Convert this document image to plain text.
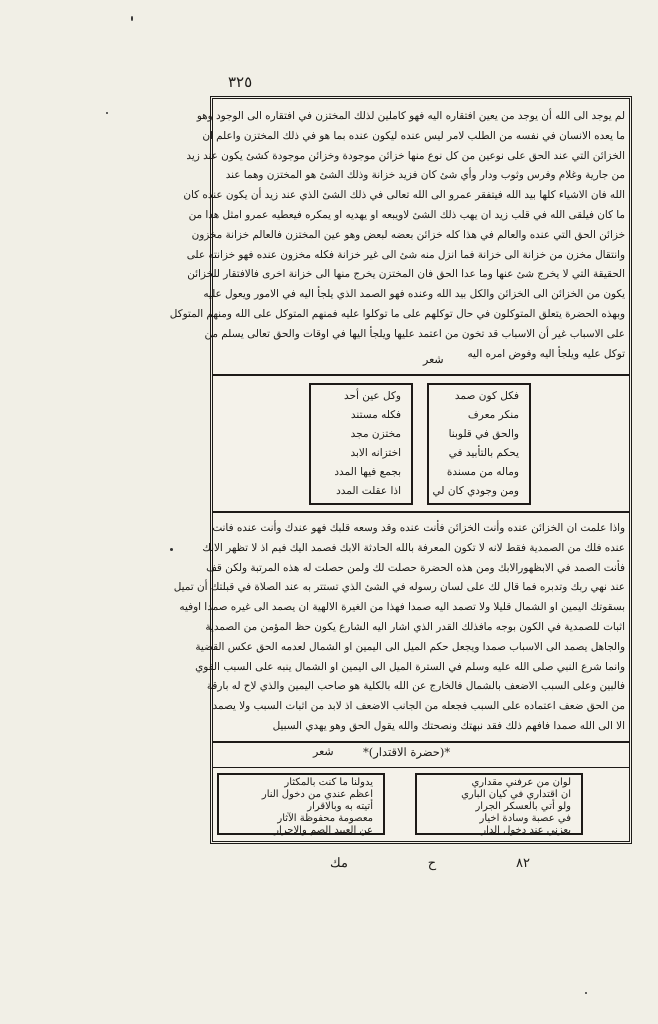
٣٢٥
لم يوجد الى الله أن يوجد من يعين افتقاره اليه فهو كاملين لذلك المختزن في افتقاره الى الوجود وهو
ما يعده الانسان في نفسه من الطلب لامر ليس عنده ليكون عنده بما هو في ذلك المختزن واعلم ان
الخزائن التي عند الحق على نوعين من كل نوع منها خزائن موجودة وخزائن موجودة كشئ يكون عند زيد
من جارية وغلام وفرس وثوب ودار وأي شئ كان فزيد خزانة وذلك الشئ هو المختزن وهما عند
الله فان الاشياء كلها بيد الله فيتفقر عمرو الى الله تعالى في ذلك الشئ الذي عند زيد أن يكون عنده كان
ما كان فيلقى الله في قلب زيد ان يهب ذلك الشئ لاويبعه او يهديه او يمكره فيعطيه عمرو امثل هذا من
خزائن الحق التي عنده والعالم في هذا كله خزائن بعضه لبعض وهو عين المختزن فالعالم خزانة مخزون
وانتقال مخزن من خزانة الى خزانة فما انزل منه شئ الى غير خزانة فكله مخزون عنده فهو خزانته على
الحقيقة التي لا يخرج شئ عنها وما عدا الحق فان المختزن يخرج منها الى خزانة اخرى فالافتقار للخزائن
يكون من الخزائن الى الخزائن والكل بيد الله وعنده فهو الصمد الذي يلجأ اليه في الامور ويعول عليه
وبهذه الحضرة يتعلق المتوكلون في حال توكلهم على ما توكلوا عليه فمنهم المتوكل على الله ومنهم المتوكل
على الاسباب غير أن الاسباب قد تخون من اعتمد عليها ويلجأ اليها في اوقات والحق تعالى يسلم من
توكل عليه ويلجأ اليه وفوض امره اليه
شعر
فكل كون صمد
منكر معرف
والحق في قلوبنا
يحكم بالتأبيد في
وماله من مسندة
ومن وجودي كان لي
وكل عين أحد
فكله مستند
مختزن مجد
اختزانه الابد
بجمع فيها المدد
اذا عقلت المدد
واذا علمت ان الخزائن عنده وأنت الخزائن فأنت عنده وقد وسعه قلبك فهو عندك وأنت عنده فانت
عنده فلك من الصمدية فقط لانه لا تكون المعرفة بالله الحادثة الابك فصمد اليك فيم اذ لا تظهر الابك
فأنت الصمد في الابظهورالابك ومن هذه الحضرة حصلت لك ولمن حصلت له هذه المرتبة ولكن قف
عند نهي ربك وتدبره فما قال لك على لسان رسوله في الشئ الذي تستتر به عند الصلاة في قبلتك أن تميل
بسقوتك اليمين او الشمال قليلا ولا تصمد اليه صمدا فهذا من الغيرة الالهية ان يصمد الى غيره صمدا اوفيه
اثبات للصمدية في الكون بوجه مافذلك القدر الذي اشار اليه الشارع يكون حظ المؤمن من الصمدية
والجاهل يصمد الى الاسباب صمدا ويجعل حكم الميل الى اليمين او الشمال لعدمه الحق عكس القضية
وانما شرع النبي صلى الله عليه وسلم في السترة الميل الى اليمين او الشمال ينبه على السبب القوي
فالبين وعلى السبب الاضعف بالشمال فالخارج عن الله بالكلية هو صاحب اليمين والذي لاح له بارقة
من الحق ضعف اعتماده على السبب فجعله من الجانب الاضعف اذ لابد من اثبات السبب ولا يصمد
الا الى الله صمدا فافهم ذلك فقد نبهتك ونصحتك والله يقول الحق وهو يهدي السبيل
*(حضرة الاقتدار)*
شعر
لوان من عرفني مقداري
ان اقتداري في كيان الباري
ولو أتي بالعسكر الجرار
في عصبة وسادة اخيار
يعزني عند دخول الدار
يدولنا ما كنت بالمكثار
اعظم عندي من دخول النار
أتيته به وبالاقرار
معصومة محفوظة الآثار
عن العبيد الصم والاحرار
٨٢
ح
مك
